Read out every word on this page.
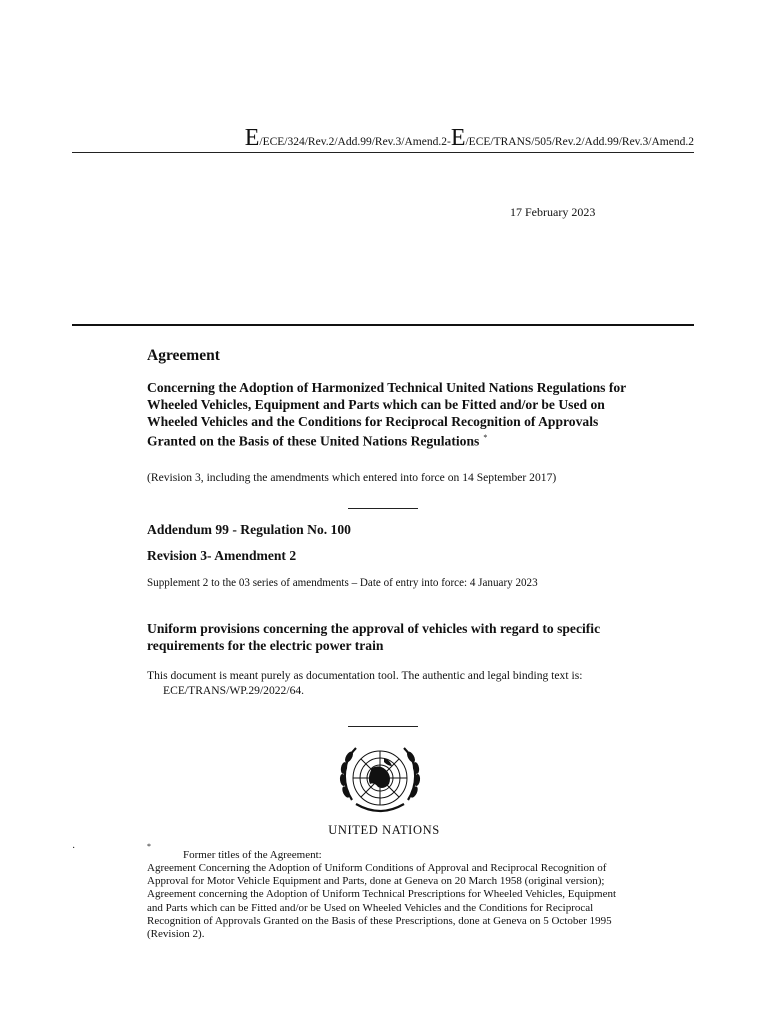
E/ECE/324/Rev.2/Add.99/Rev.3/Amend.2-E/ECE/TRANS/505/Rev.2/Add.99/Rev.3/Amend.2
17 February 2023
Agreement
Concerning the Adoption of Harmonized Technical United Nations Regulations for Wheeled Vehicles, Equipment and Parts which can be Fitted and/or be Used on Wheeled Vehicles and the Conditions for Reciprocal Recognition of Approvals Granted on the Basis of these United Nations Regulations *
(Revision 3, including the amendments which entered into force on 14 September 2017)
Addendum 99 - Regulation No. 100
Revision 3- Amendment 2
Supplement 2 to the 03 series of amendments – Date of entry into force: 4 January 2023
Uniform provisions concerning the approval of vehicles with regard to specific requirements for the electric power train
This document is meant purely as documentation tool. The authentic and legal binding text is: ECE/TRANS/WP.29/2022/64.
UNITED NATIONS
·	*
Former titles of the Agreement:

Agreement Concerning the Adoption of Uniform Conditions of Approval and Reciprocal Recognition of Approval for Motor Vehicle Equipment and Parts, done at Geneva on 20 March 1958 (original version);

Agreement concerning the Adoption of Uniform Technical Prescriptions for Wheeled Vehicles, Equipment and Parts which can be Fitted and/or be Used on Wheeled Vehicles and the Conditions for Reciprocal Recognition of Approvals Granted on the Basis of these Prescriptions, done at Geneva on 5 October 1995 (Revision 2).
